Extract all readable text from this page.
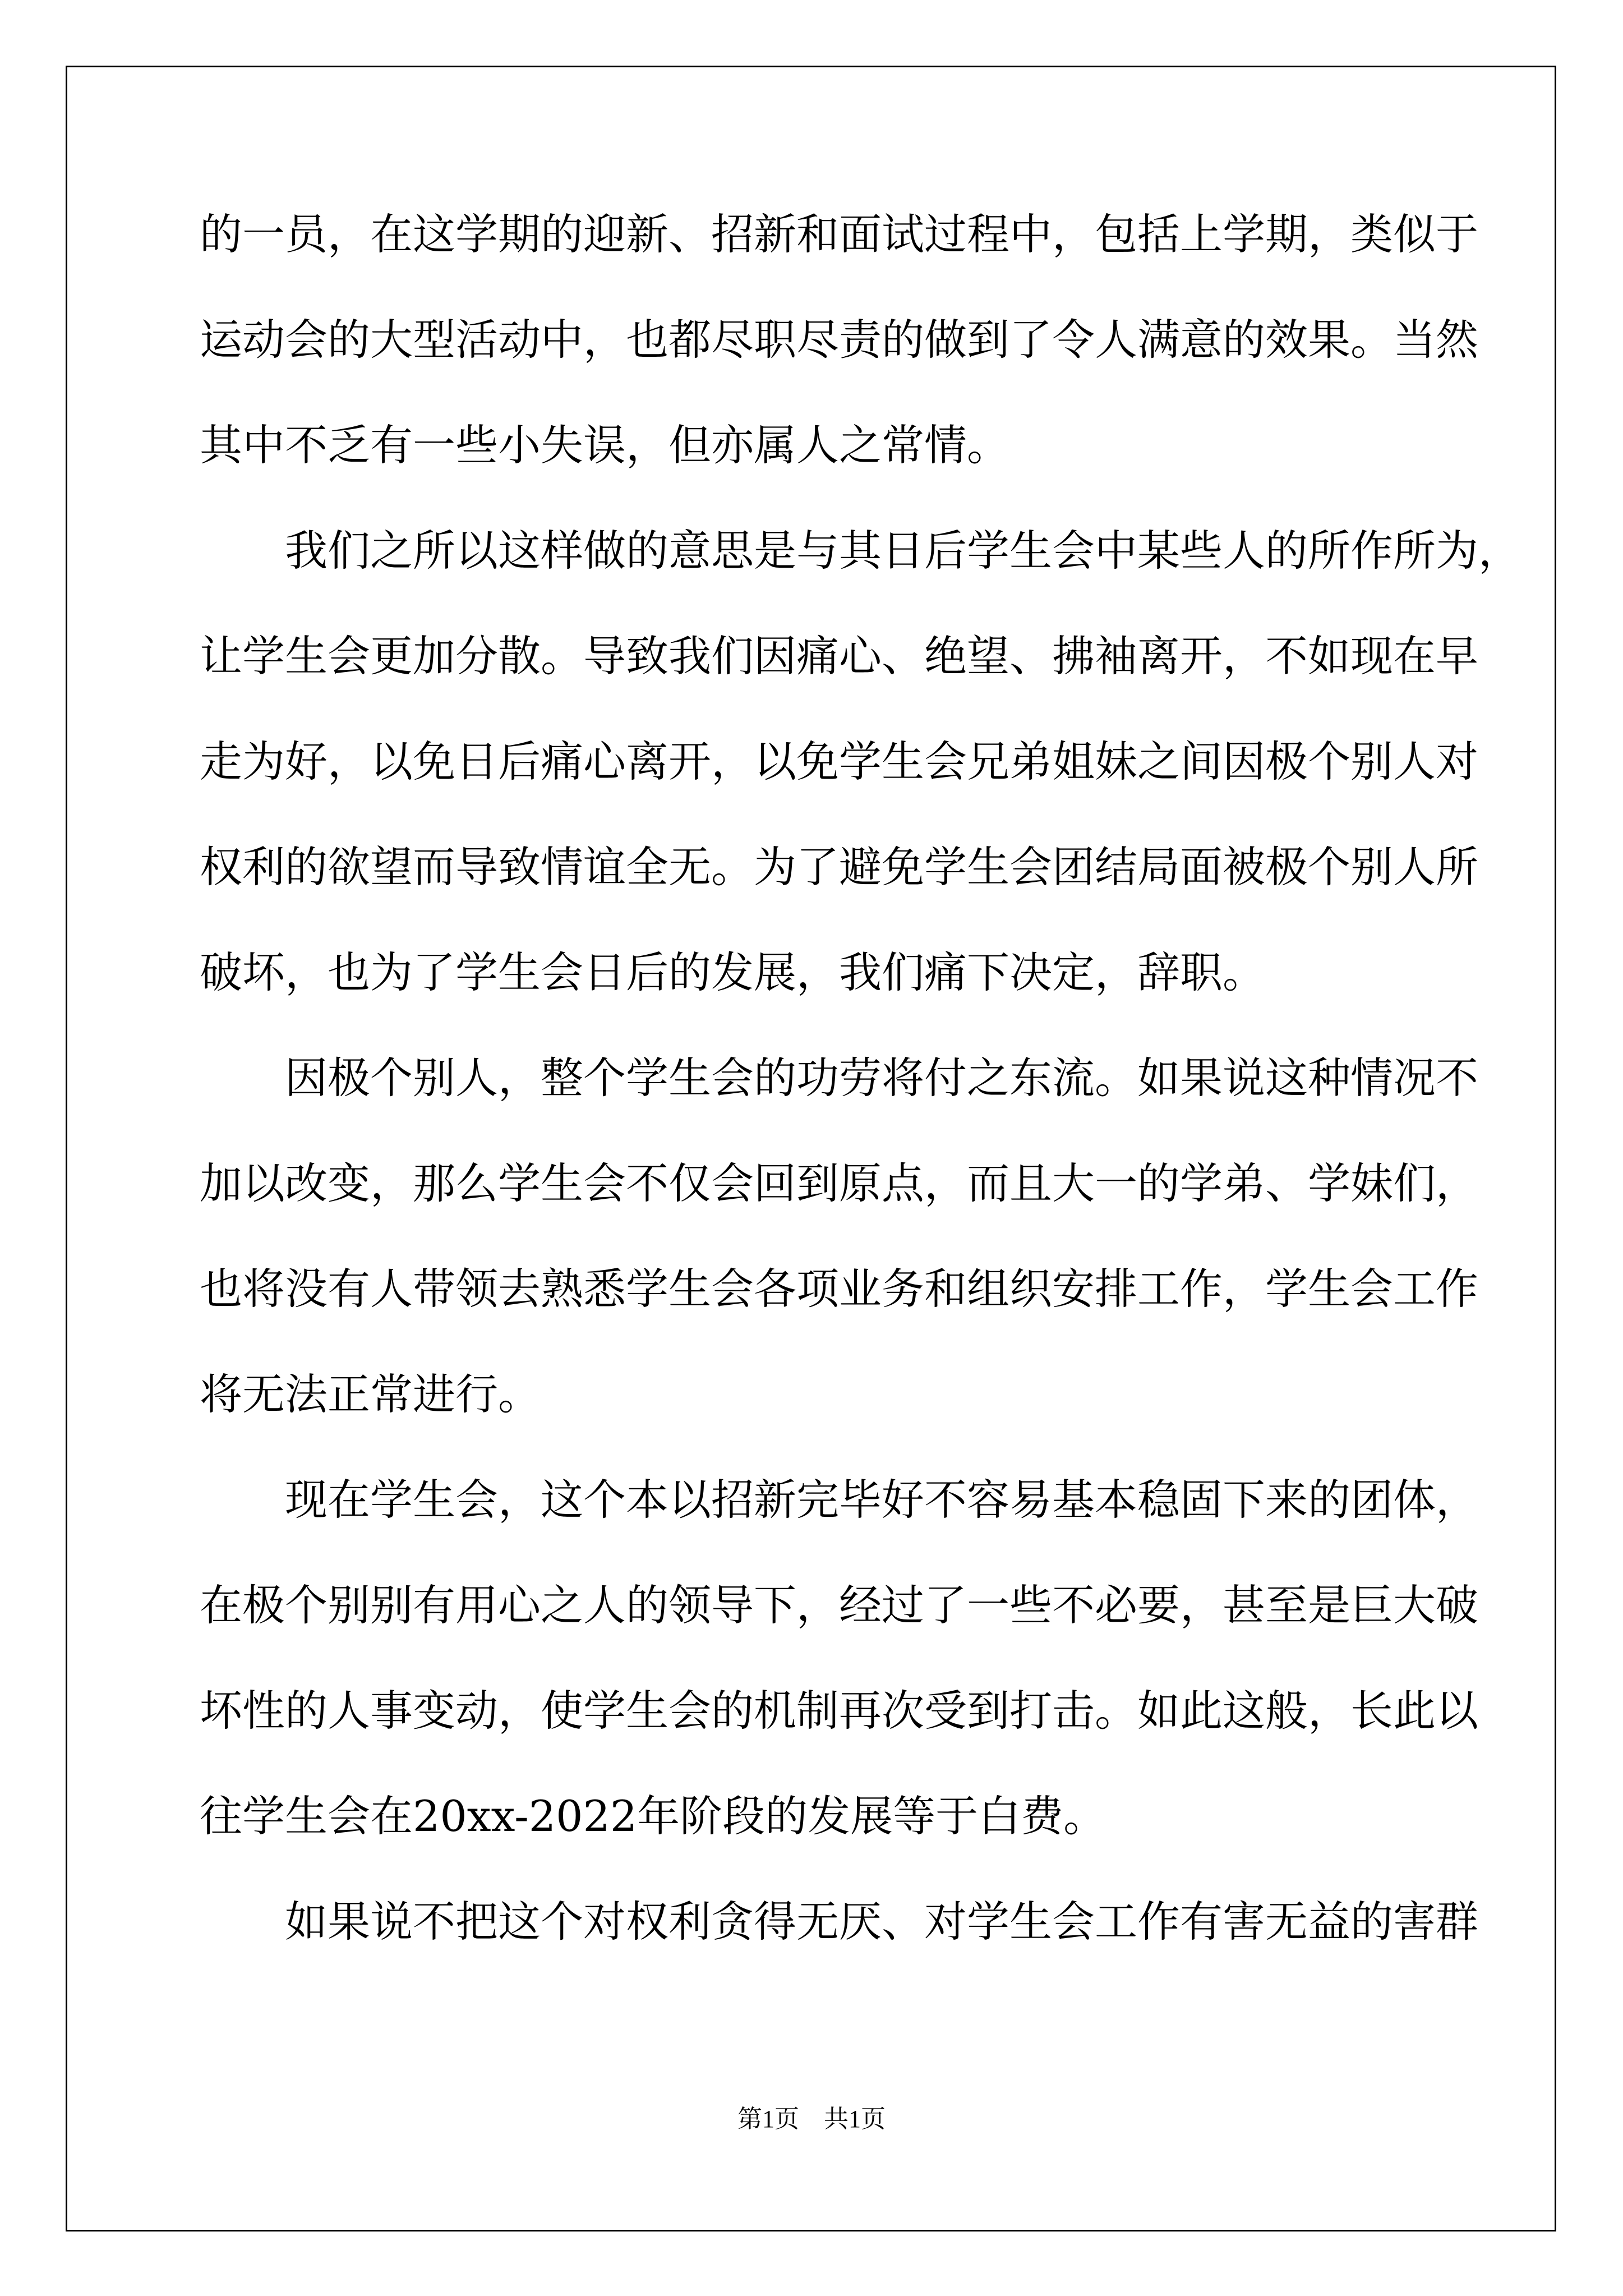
的一员，在这学期的迎新、招新和面试过程中，包括上学期，类似于
运动会的大型活动中，也都尽职尽责的做到了令人满意的效果。当然
其中不乏有一些小失误，但亦属人之常情。
　　我们之所以这样做的意思是与其日后学生会中某些人的所作所为，
让学生会更加分散。导致我们因痛心、绝望、拂袖离开，不如现在早
走为好，以免日后痛心离开，以免学生会兄弟姐妹之间因极个别人对
权利的欲望而导致情谊全无。为了避免学生会团结局面被极个别人所
破坏，也为了学生会日后的发展，我们痛下决定，辞职。
　　因极个别人，整个学生会的功劳将付之东流。如果说这种情况不
加以改变，那么学生会不仅会回到原点，而且大一的学弟、学妹们，
也将没有人带领去熟悉学生会各项业务和组织安排工作，学生会工作
将无法正常进行。
　　现在学生会，这个本以招新完毕好不容易基本稳固下来的团体，
在极个别别有用心之人的领导下，经过了一些不必要，甚至是巨大破
坏性的人事变动，使学生会的机制再次受到打击。如此这般，长此以
往学生会在20xx-2022年阶段的发展等于白费。
　　如果说不把这个对权利贪得无厌、对学生会工作有害无益的害群
第1页 共1页
